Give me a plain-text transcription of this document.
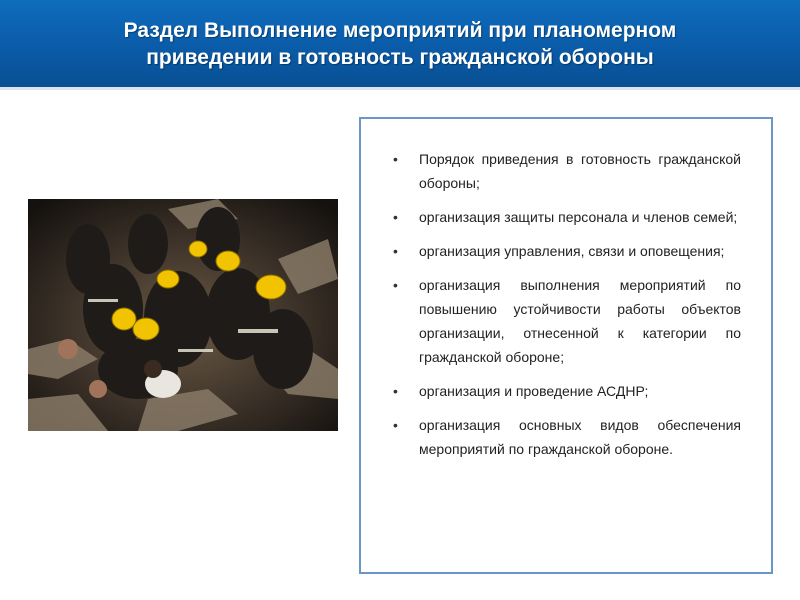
Раздел Выполнение мероприятий при планомерном
приведении в готовность гражданской обороны
• Порядок приведения в готовность гражданской обороны;
• организация защиты персонала и членов семей;
• организация управления, связи и оповещения;
• организация выполнения мероприятий по повышению устойчивости работы объектов организации, отнесенной к категории по гражданской обороне;
• организация и проведение АСДНР;
• организация основных видов обеспечения мероприятий по гражданской обороне.
